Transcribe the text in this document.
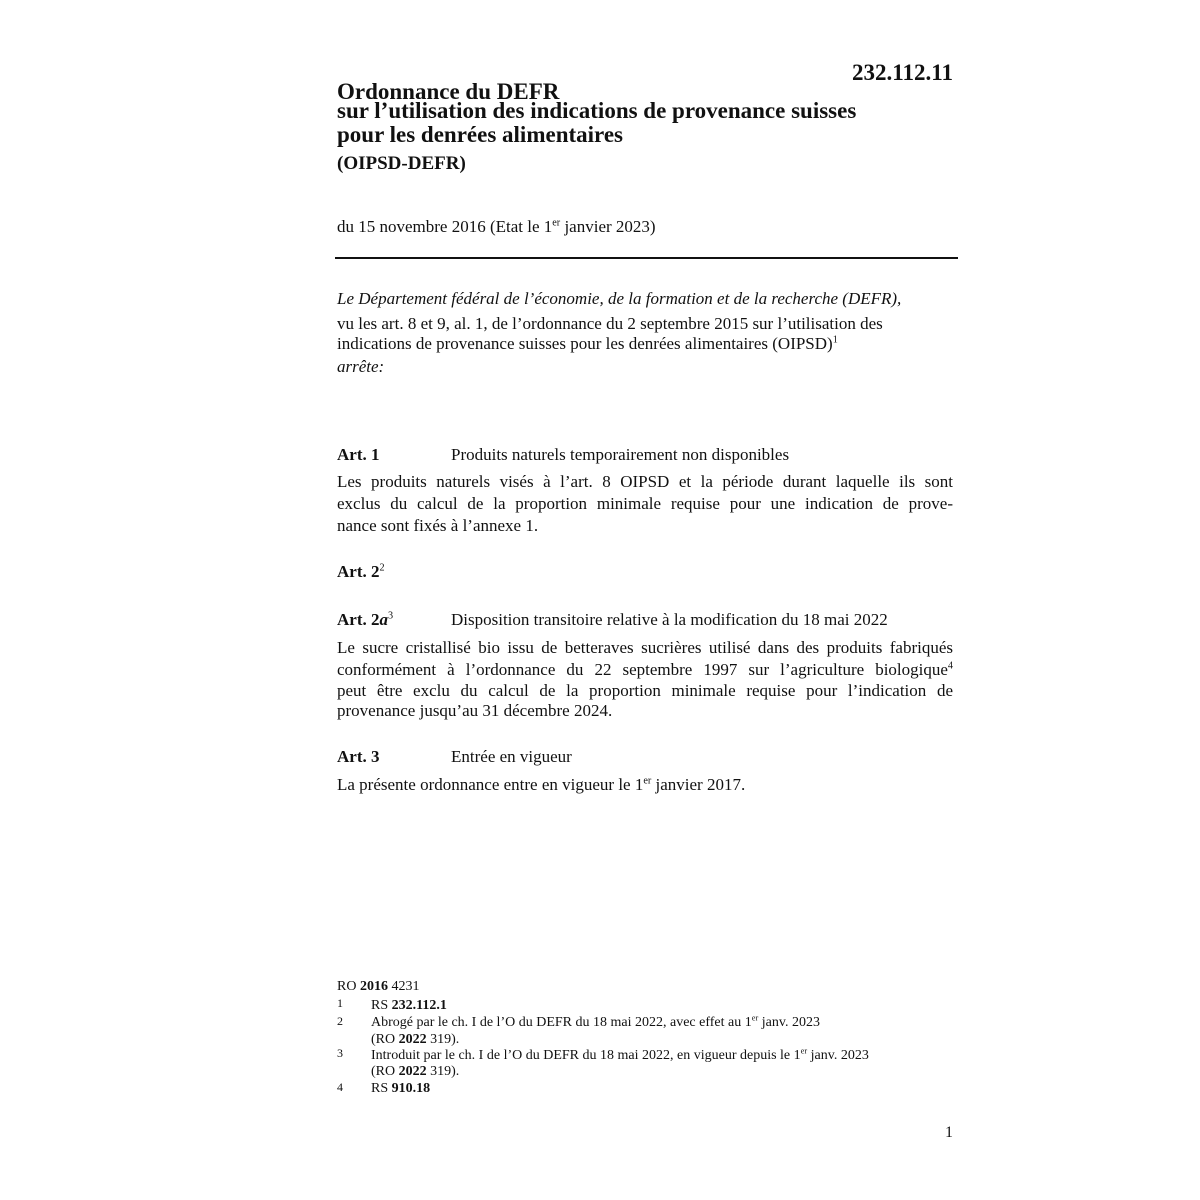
232.112.11
Ordonnance du DEFR
sur l’utilisation des indications de provenance suisses
pour les denrées alimentaires
(OIPSD-DEFR)
du 15 novembre 2016 (Etat le 1er janvier 2023)
Le Département fédéral de l’économie, de la formation et de la recherche (DEFR),
vu les art. 8 et 9, al. 1, de l’ordonnance du 2 septembre 2015 sur l’utilisation des
indications de provenance suisses pour les denrées alimentaires (OIPSD)$^1$
arrête:
Art. 1	Produits naturels temporairement non disponibles
Les produits naturels visés à l’art. 8 OIPSD et la période durant laquelle ils sont
exclus du calcul de la proportion minimale requise pour une indication de prove-
nance sont fixés à l’annexe 1.
Art. $2^2$
Art. $2a^3$	Disposition transitoire relative à la modification du 18 mai 2022
Le sucre cristallisé bio issu de betteraves sucrières utilisé dans des produits fabriqués
conformément à l’ordonnance du 22 septembre 1997 sur l’agriculture biologique$^4$
peut être exclu du calcul de la proportion minimale requise pour l’indication de
provenance jusqu’au 31 décembre 2024.
Art. 3	Entrée en vigueur
La présente ordonnance entre en vigueur le 1er janvier 2017.
RO 2016 4231
1 RS 232.112.1
2 Abrogé par le ch. I de l’O du DEFR du 18 mai 2022, avec effet au 1er janv. 2023
(RO 2022 319).
3 Introduit par le ch. I de l’O du DEFR du 18 mai 2022, en vigueur depuis le 1er janv. 2023
(RO 2022 319).
4 RS 910.18
1
